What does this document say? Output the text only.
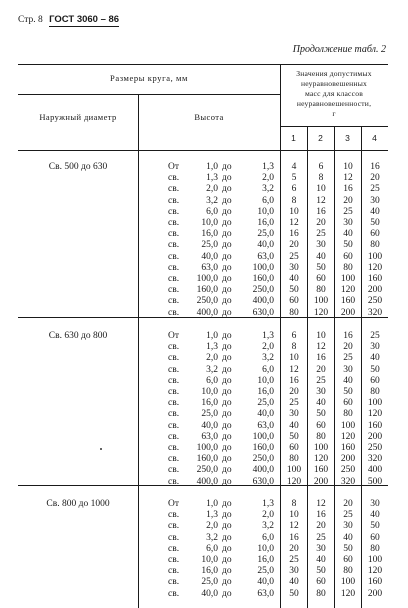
Стр. 8 ГОСТ 3060 – 86
Продолжение табл. 2
Размеры круга, мм
Наружный диаметр	Высота
Значения допустимых
неуравновешенных
масс для классов
неуравновешенности,
г
1	2	3	4
Св. 500 до 630	От	1,0 до	1,3	4	6	10	16
св.	1,3 до	2,0	5	8	12	20
св.	2,0 до	3,2	6	10	16	25
св.	3,2 до	6,0	8	12	20	30
св.	6,0 до	10,0	10	16	25	40
св.	10,0 до	16,0	12	20	30	50
св.	16,0 до	25,0	16	25	40	60
св.	25,0 до	40,0	20	30	50	80
св.	40,0 до	63,0	25	40	60	100
св.	63,0 до	100,0	30	50	80	120
св.	100,0 до	160,0	40	60	100	160
св.	160,0 до	250,0	50	80	120	200
св.	250,0 до	400,0	60	100	160	250
св.	400,0 до	630,0	80	120	200	320
Св. 630 до 800	От	1,0 до	1,3	6	10	16	25
св.	1,3 до	2,0	8	12	20	30
св.	2,0 до	3,2	10	16	25	40
св.	3,2 до	6,0	12	20	30	50
св.	6,0 до	10,0	16	25	40	60
св.	10,0 до	16,0	20	30	50	80
св.	16,0 до	25,0	25	40	60	100
св.	25,0 до	40,0	30	50	80	120
св.	40,0 до	63,0	40	60	100	160
св.	63,0 до	100,0	50	80	120	200
св.	100,0 до	160,0	60	100	160	250
св.	160,0 до	250,0	80	120	200	320
св.	250,0 до	400,0	100	160	250	400
св.	400,0 до	630,0	120	200	320	500
Св. 800 до 1000	От	1,0 до	1,3	8	12	20	30
св.	1,3 до	2,0	10	16	25	40
св.	2,0 до	3,2	12	20	30	50
св.	3,2 до	6,0	16	25	40	60
св.	6,0 до	10,0	20	30	50	80
св.	10,0 до	16,0	25	40	60	100
св.	16,0 до	25,0	30	50	80	120
св.	25,0 до	40,0	40	60	100	160
св.	40,0 до	63,0	50	80	120	200
